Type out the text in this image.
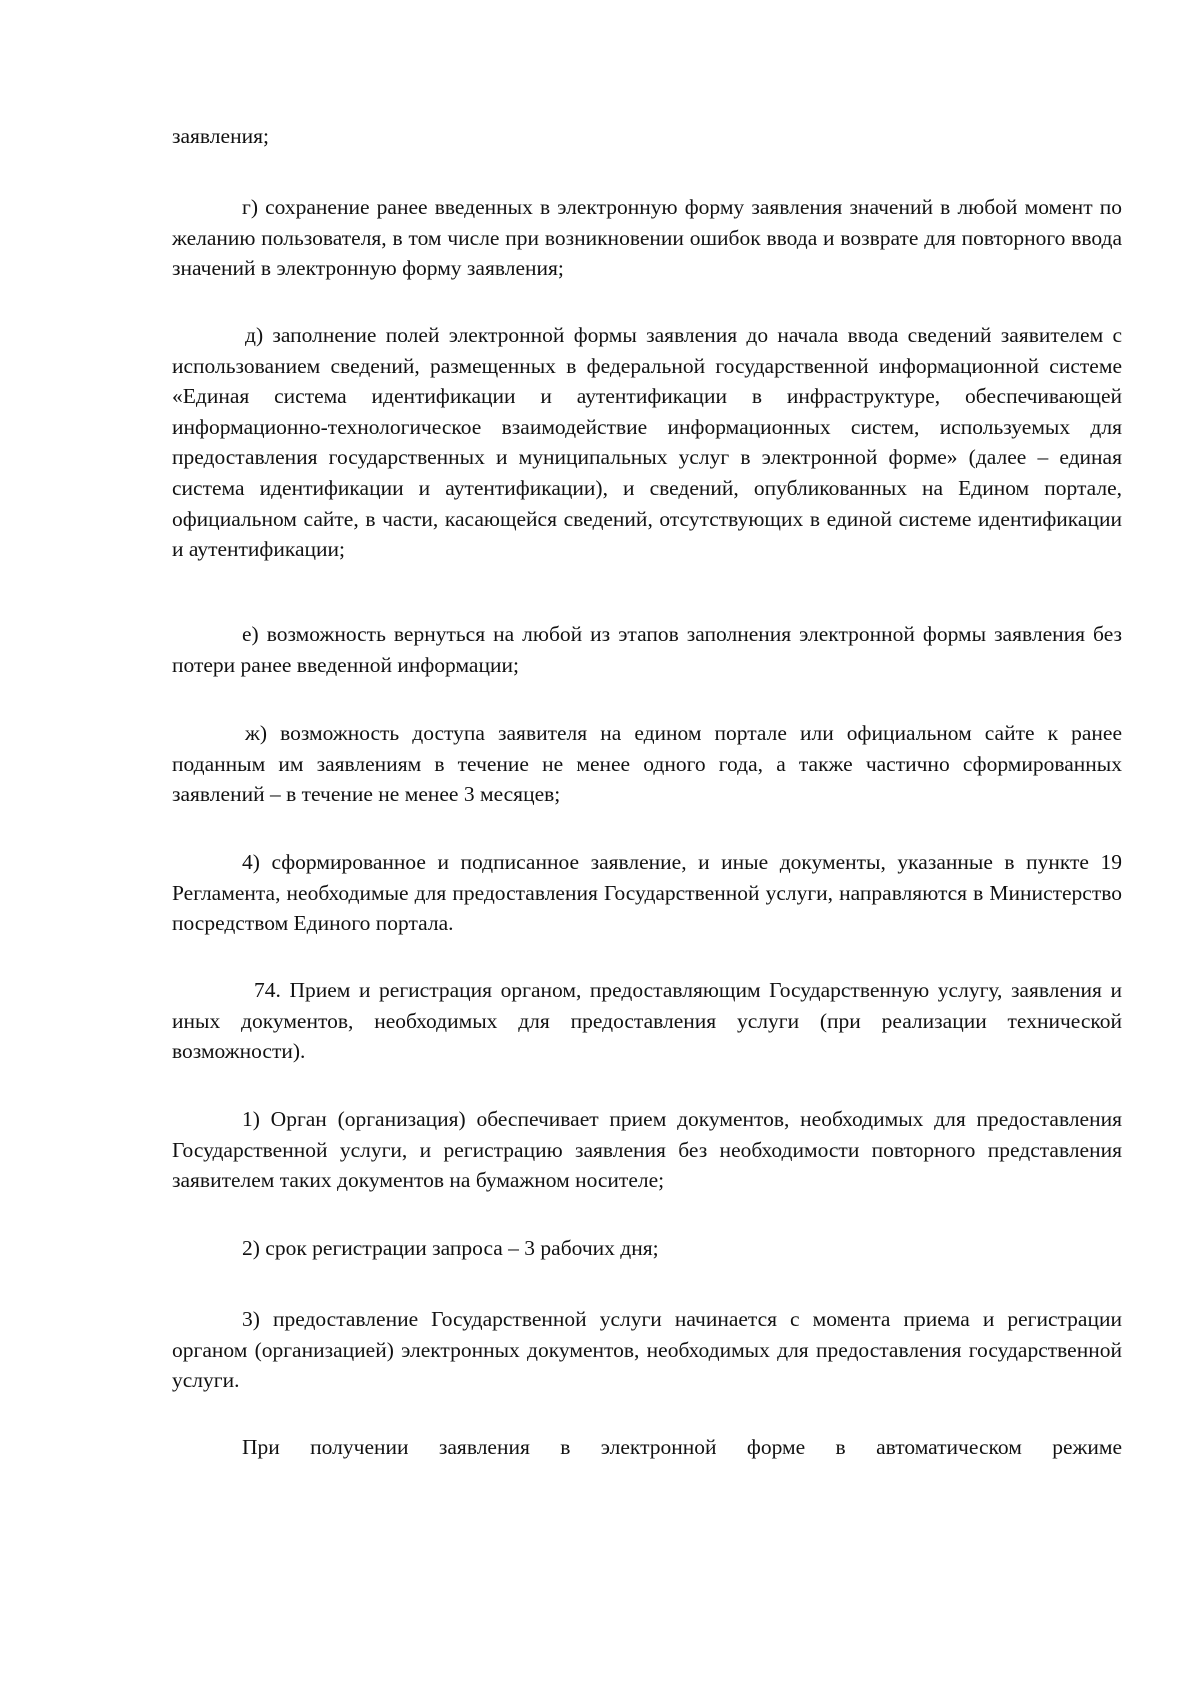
заявления;

г) сохранение ранее введенных в электронную форму заявления значений в любой момент по желанию пользователя, в том числе при возникновении ошибок ввода и возврате для повторного ввода значений в электронную форму заявления;

д) заполнение полей электронной формы заявления до начала ввода сведений заявителем с использованием сведений, размещенных в федеральной государственной информационной системе «Единая система идентификации и аутентификации в инфраструктуре, обеспечивающей информационно-технологическое взаимодействие информационных систем, используемых для предоставления государственных и муниципальных услуг в электронной форме» (далее – единая система идентификации и аутентификации), и сведений, опубликованных на Едином портале, официальном сайте, в части, касающейся сведений, отсутствующих в единой системе идентификации и аутентификации;

е) возможность вернуться на любой из этапов заполнения электронной формы заявления без потери ранее введенной информации;

ж) возможность доступа заявителя на едином портале или официальном сайте к ранее поданным им заявлениям в течение не менее одного года, а также частично сформированных заявлений – в течение не менее 3 месяцев;

4) сформированное и подписанное заявление, и иные документы, указанные в пункте 19 Регламента, необходимые для предоставления Государственной услуги, направляются в Министерство посредством Единого портала.

74. Прием и регистрация органом, предоставляющим Государственную услугу, заявления и иных документов, необходимых для предоставления услуги (при реализации технической возможности).

1) Орган (организация) обеспечивает прием документов, необходимых для предоставления Государственной услуги, и регистрацию заявления без необходимости повторного представления заявителем таких документов на бумажном носителе;

2) срок регистрации запроса – 3 рабочих дня;

3) предоставление Государственной услуги начинается с момента приема и регистрации органом (организацией) электронных документов, необходимых для предоставления государственной услуги.

При получении заявления в электронной форме в автоматическом режиме
